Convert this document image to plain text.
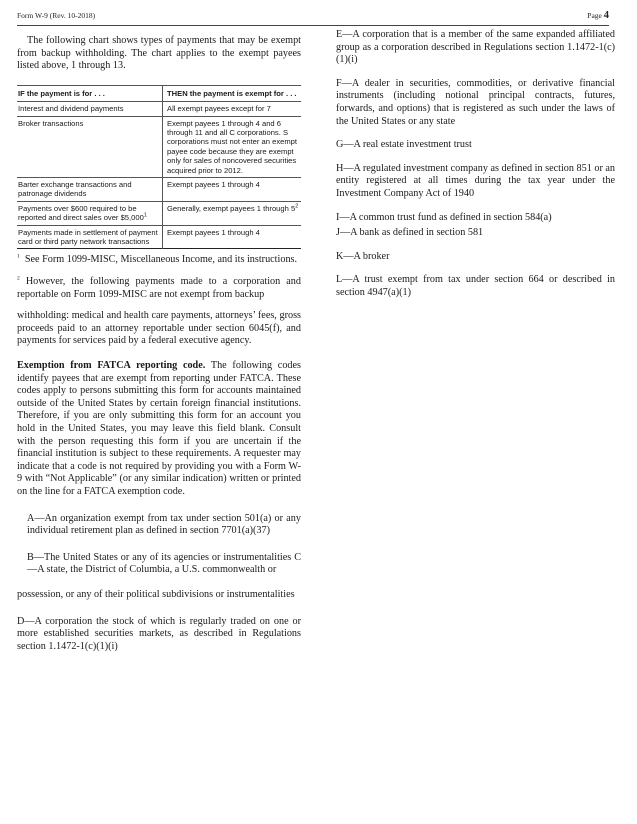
Form W-9 (Rev. 10-2018)	Page 4

The following chart shows types of payments that may be exempt from backup withholding. The chart applies to the exempt payees listed above, 1 through 13.

IF the payment is for . . .	THEN the payment is exempt for . . .
Interest and dividend payments	All exempt payees except for 7
Broker transactions	Exempt payees 1 through 4 and 6 through 11 and all C corporations. S corporations must not enter an exempt payee code because they are exempt only for sales of noncovered securities acquired prior to 2012.
Barter exchange transactions and patronage dividends	Exempt payees 1 through 4
Payments over $600 required to be reported and direct sales over $5,000$^1$	Generally, exempt payees 1 through $5^2$
Payments made in settlement of payment card or third party network transactions	Exempt payees 1 through 4

$^1$ See Form 1099-MISC, Miscellaneous Income, and its instructions.

$^2$ However, the following payments made to a corporation and reportable on Form 1099-MISC are not exempt from backup

withholding: medical and health care payments, attorneys’ fees, gross proceeds paid to an attorney reportable under section 6045(f), and payments for services paid by a federal executive agency.

Exemption from FATCA reporting code. The following codes identify payees that are exempt from reporting under FATCA. These codes apply to persons submitting this form for accounts maintained outside of the United States by certain foreign financial institutions. Therefore, if you are only submitting this form for an account you hold in the United States, you may leave this field blank. Consult with the person requesting this form if you are uncertain if the financial institution is subject to these requirements. A requester may indicate that a code is not required by providing you with a Form W-9 with “Not Applicable” (or any similar indication) written or printed on the line for a FATCA exemption code.

A—An organization exempt from tax under section 501(a) or any individual retirement plan as defined in section 7701(a)(37)

B—The United States or any of its agencies or instrumentalities C—A state, the District of Columbia, a U.S. commonwealth or

possession, or any of their political subdivisions or instrumentalities

D—A corporation the stock of which is regularly traded on one or more established securities markets, as described in Regulations section 1.1472-1(c)(1)(i)

E—A corporation that is a member of the same expanded affiliated group as a corporation described in Regulations section 1.1472-1(c)(1)(i)

F—A dealer in securities, commodities, or derivative financial instruments (including notional principal contracts, futures, forwards, and options) that is registered as such under the laws of the United States or any state

G—A real estate investment trust

H—A regulated investment company as defined in section 851 or an entity registered at all times during the tax year under the Investment Company Act of 1940

I—A common trust fund as defined in section 584(a)

J—A bank as defined in section 581

K—A broker

L—A trust exempt from tax under section 664 or described in section 4947(a)(1)
